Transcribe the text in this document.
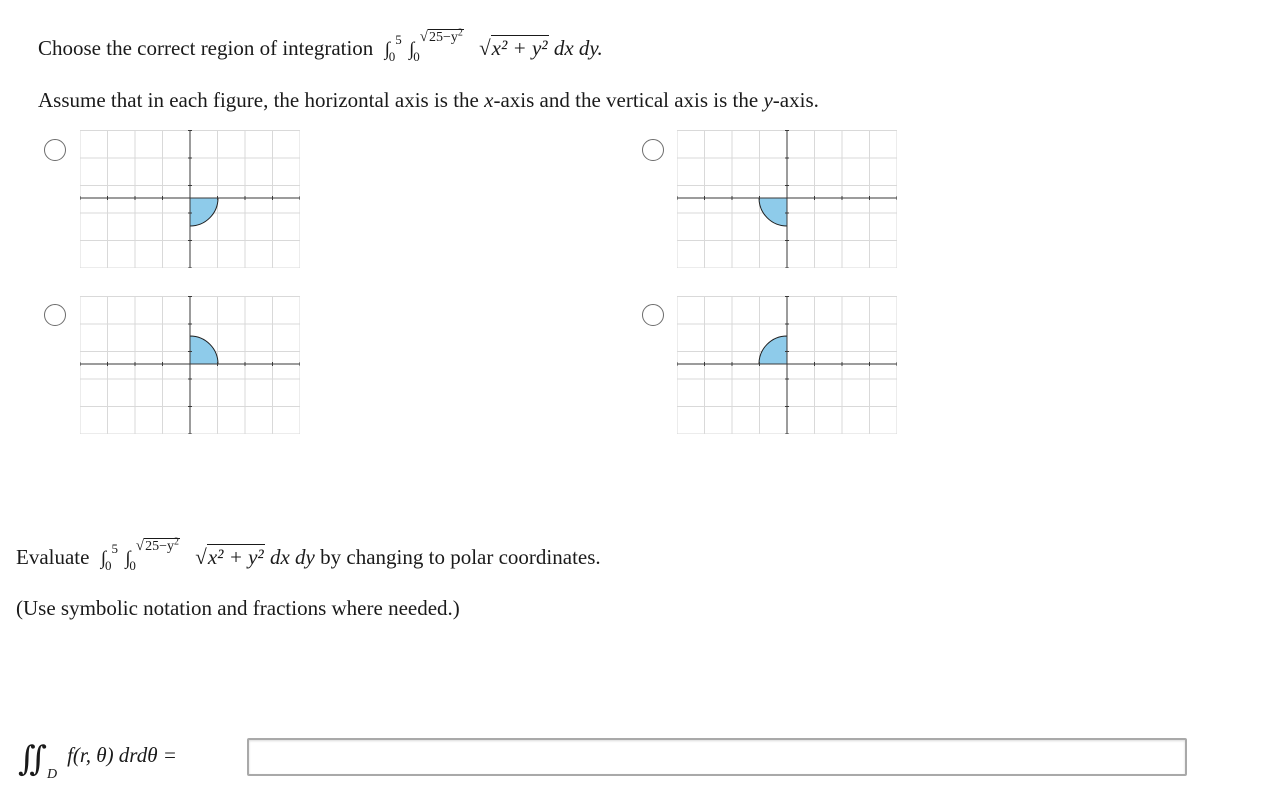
Choose the correct region of integration $\int_0^5$ $\int_0^{√25-y^2}$ √x² + y² dx dy.
Assume that in each figure, the horizontal axis is the x-axis and the vertical axis is the y-axis.
Evaluate $\int_0^5$ $\int_0^{√25-y^2}$ √x² + y² dx dy by changing to polar coordinates.
(Use symbolic notation and fractions where needed.)
∬D f(r, θ) drdθ =
